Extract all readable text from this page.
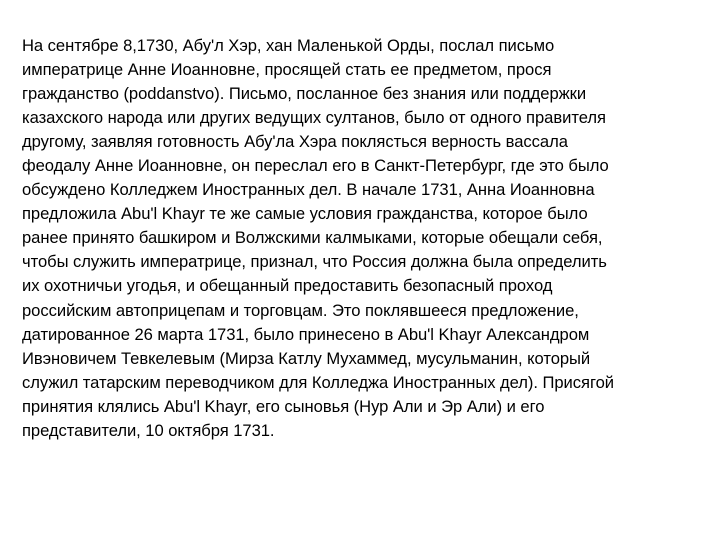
На сентябре 8,1730, Абу'л Хэр, хан Маленькой Орды, послал письмо
императрице Анне Иоанновне, просящей стать ее предметом, прося
гражданство (poddanstvo). Письмо, посланное без знания или поддержки
казахского народа или других ведущих султанов, было от одного правителя
другому, заявляя готовность Абу'ла Хэра поклясться верность вассала
феодалу Анне Иоанновне, он переслал его в Санкт-Петербург, где это было
обсуждено Колледжем Иностранных дел. В начале 1731, Анна Иоанновна
предложила Abu'l Khayr те же самые условия гражданства, которое было
ранее принято башкиром и Волжскими калмыками, которые обещали себя,
чтобы служить императрице, признал, что Россия должна была определить
их охотничьи угодья, и обещанный предоставить безопасный проход
российским автоприцепам и торговцам. Это поклявшееся предложение,
датированное 26 марта 1731, было принесено в Abu'l Khayr Александром
Ивэновичем Тевкелевым (Мирза Катлу Мухаммед, мусульманин, который
служил татарским переводчиком для Колледжа Иностранных дел). Присягой
принятия клялись Abu'l Khayr, его сыновья (Нур Али и Эр Али) и его
представители, 10 октября 1731.
